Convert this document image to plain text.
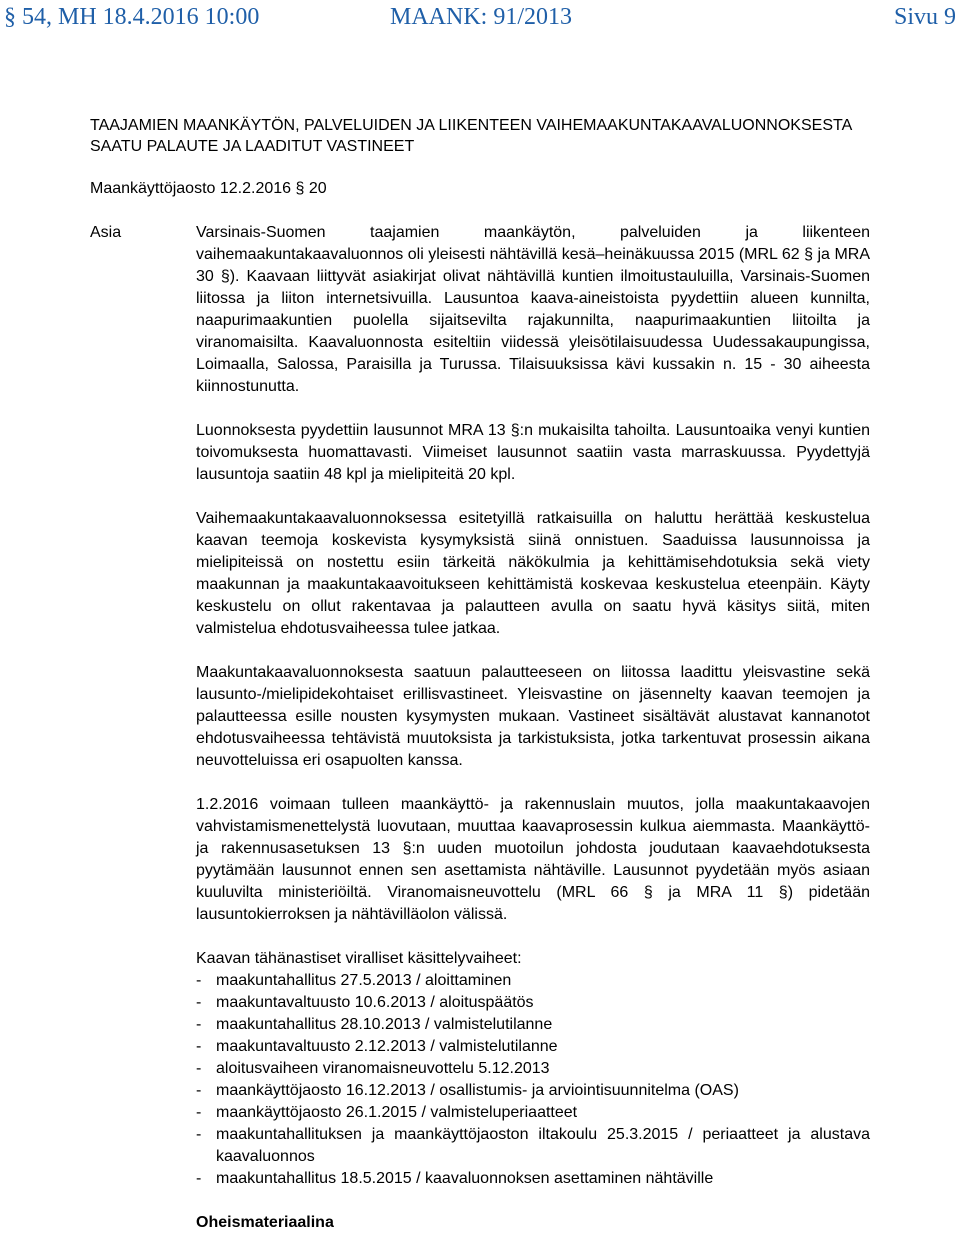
§ 54, MH 18.4.2016 10:00	MAANK: 91/2013	Sivu 9
TAAJAMIEN MAANKÄYTÖN, PALVELUIDEN JA LIIKENTEEN VAIHEMAAKUNTAKAAVALUONNOKSESTA
SAATU PALAUTE JA LAADITUT VASTINEET
Maankäyttöjaosto 12.2.2016 § 20
Asia	Varsinais-Suomen taajamien maankäytön, palveluiden ja liikenteen vaihemaakuntakaavaluonnos oli yleisesti nähtävillä kesä‒heinäkuussa 2015 (MRL 62 § ja MRA 30 §). Kaavaan liittyvät asiakirjat olivat nähtävillä kuntien ilmoitustauluilla, Varsinais-Suomen liitossa ja liiton internetsivuilla. Lausuntoa kaava-aineistoista pyydettiin alueen kunnilta, naapurimaakuntien puolella sijaitsevilta rajakunnilta, naapurimaakuntien liitoilta ja viranomaisilta. Kaavaluonnosta esiteltiin viidessä yleisötilaisuudessa Uudessakaupungissa, Loimaalla, Salossa, Paraisilla ja Turussa. Tilaisuuksissa kävi kussakin n. 15 - 30 aiheesta kiinnostunutta.

Luonnoksesta pyydettiin lausunnot MRA 13 §:n mukaisilta tahoilta. Lausuntoaika venyi kuntien toivomuksesta huomattavasti. Viimeiset lausunnot saatiin vasta marraskuussa. Pyydettyjä lausuntoja saatiin 48 kpl ja mielipiteitä 20 kpl.

Vaihemaakuntakaavaluonnoksessa esitetyillä ratkaisuilla on haluttu herättää keskustelua kaavan teemoja koskevista kysymyksistä siinä onnistuen. Saaduissa lausunnoissa ja mielipiteissä on nostettu esiin tärkeitä näkökulmia ja kehittämisehdotuksia sekä viety maakunnan ja maakuntakaavoitukseen kehittämistä koskevaa keskustelua eteenpäin. Käyty keskustelu on ollut rakentavaa ja palautteen avulla on saatu hyvä käsitys siitä, miten valmistelua ehdotusvaiheessa tulee jatkaa.

Maakuntakaavaluonnoksesta saatuun palautteeseen on liitossa laadittu yleisvastine sekä lausunto-/mielipidekohtaiset erillisvastineet. Yleisvastine on jäsennelty kaavan teemojen ja palautteessa esille nousten kysymysten mukaan. Vastineet sisältävät alustavat kannanotot ehdotusvaiheessa tehtävistä muutoksista ja tarkistuksista, jotka tarkentuvat prosessin aikana neuvotteluissa eri osapuolten kanssa.

1.2.2016 voimaan tulleen maankäyttö- ja rakennuslain muutos, jolla maakuntakaavojen vahvistamismenettelystä luovutaan, muuttaa kaavaprosessin kulkua aiemmasta. Maankäyttö- ja rakennusasetuksen 13 §:n uuden muotoilun johdosta joudutaan kaavaehdotuksesta pyytämään lausunnot ennen sen asettamista nähtäville. Lausunnot pyydetään myös asiaan kuuluvilta ministeriöiltä. Viranomaisneuvottelu (MRL 66 § ja MRA 11 §) pidetään lausuntokierroksen ja nähtävilläolon välissä.

Kaavan tähänastiset viralliset käsittelyvaiheet:
- maakuntahallitus 27.5.2013 / aloittaminen
- maakuntavaltuusto 10.6.2013 / aloituspäätös
- maakuntahallitus 28.10.2013 / valmistelutilanne
- maakuntavaltuusto 2.12.2013 / valmistelutilanne
- aloitusvaiheen viranomaisneuvottelu 5.12.2013
- maankäyttöjaosto 16.12.2013 / osallistumis- ja arviointisuunnitelma (OAS)
- maankäyttöjaosto 26.1.2015 / valmisteluperiaatteet
- maakuntahallituksen ja maankäyttöjaoston iltakoulu 25.3.2015 / periaatteet ja alustava kaavaluonnos
- maakuntahallitus 18.5.2015 / kaavaluonnoksen asettaminen nähtäville
Oheismateriaalina
